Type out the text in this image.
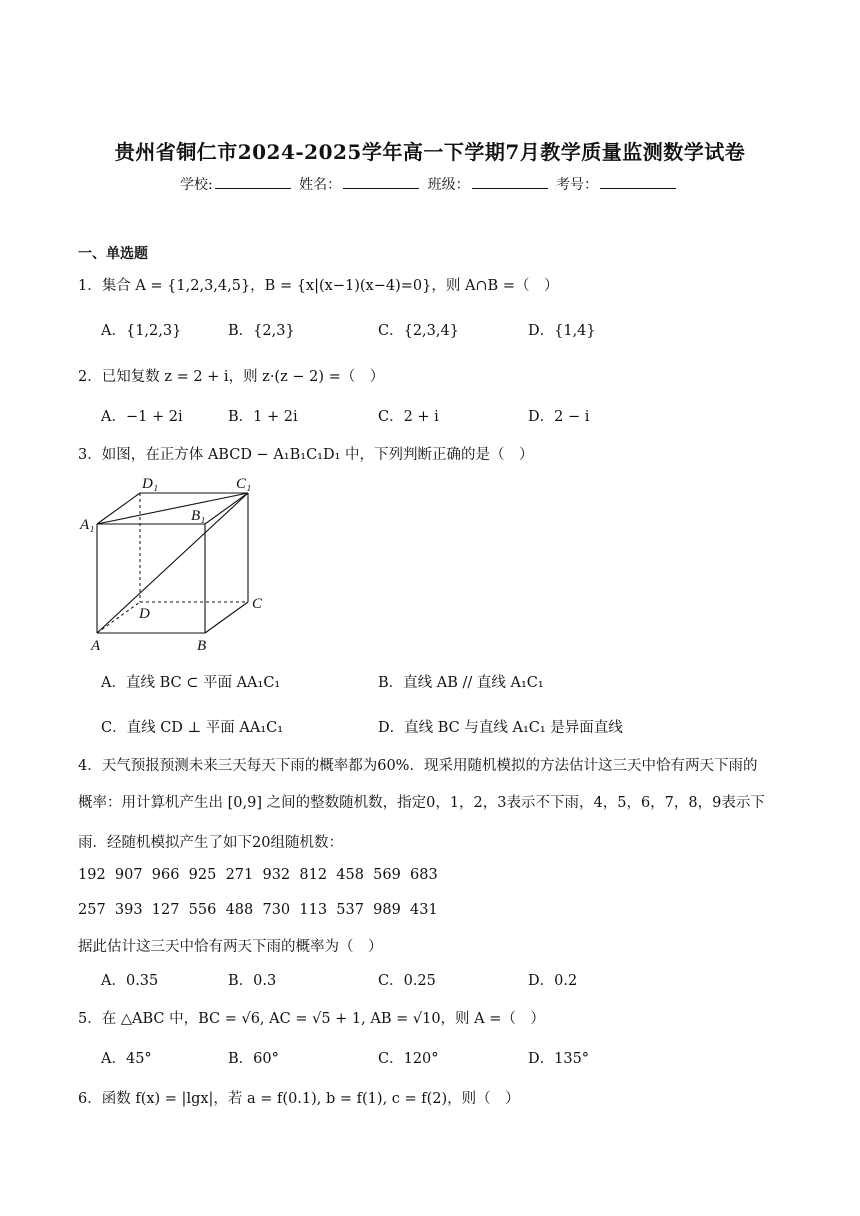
贵州省铜仁市2024-2025学年高一下学期7月教学质量监测数学试卷
学校:	姓名：	班级：	考号：
一、单选题
1．集合 A = {1,2,3,4,5}，B = {x|(x−1)(x−4)=0}，则 A∩B =（　）
A．{1,2,3}	B．{2,3}	C．{2,3,4}	D．{1,4}
2．已知复数 z = 2 + i，则 z·(z − 2) =（　）
A．−1 + 2i	B．1 + 2i	C．2 + i	D．2 − i
3．如图，在正方体 ABCD − A₁B₁C₁D₁ 中，下列判断正确的是（　）
D₁	C₁
A₁
B₁
D
C
A	B
A．直线 BC ⊂ 平面 AA₁C₁	B．直线 AB // 直线 A₁C₁
C．直线 CD ⊥ 平面 AA₁C₁	D．直线 BC 与直线 A₁C₁ 是异面直线
4．天气预报预测未来三天每天下雨的概率都为60%．现采用随机模拟的方法估计这三天中恰有两天下雨的
概率：用计算机产生出 [0,9] 之间的整数随机数，指定0，1，2，3表示不下雨，4，5，6，7，8，9表示下
雨．经随机模拟产生了如下20组随机数：
192  907  966  925  271  932  812  458  569  683
257  393  127  556  488  730  113  537  989  431
据此估计这三天中恰有两天下雨的概率为（　）
A．0.35	B．0.3	C．0.25	D．0.2
5．在 △ABC 中，BC = √6, AC = √5 + 1, AB = √10，则 A =（　）
A．45°	B．60°	C．120°	D．135°
6．函数 f(x) = |lgx|，若 a = f(0.1), b = f(1), c = f(2)，则（　）
